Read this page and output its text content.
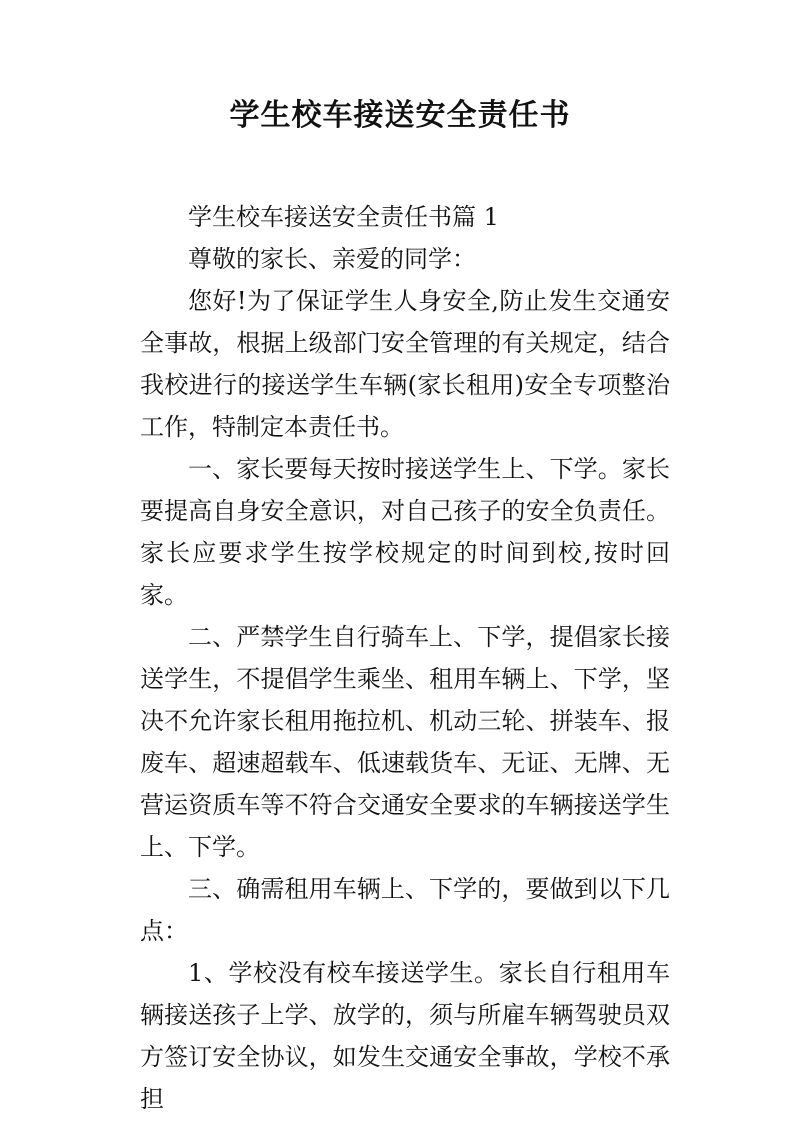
学生校车接送安全责任书

学生校车接送安全责任书篇 1

尊敬的家长、亲爱的同学：

您好!为了保证学生人身安全,防止发生交通安全事故，根据上级部门安全管理的有关规定，结合我校进行的接送学生车辆(家长租用)安全专项整治工作，特制定本责任书。

一、家长要每天按时接送学生上、下学。家长要提高自身安全意识，对自己孩子的安全负责任。家长应要求学生按学校规定的时间到校,按时回家。

二、严禁学生自行骑车上、下学，提倡家长接送学生，不提倡学生乘坐、租用车辆上、下学，坚决不允许家长租用拖拉机、机动三轮、拼装车、报废车、超速超载车、低速载货车、无证、无牌、无营运资质车等不符合交通安全要求的车辆接送学生上、下学。

三、确需租用车辆上、下学的，要做到以下几点：

1、学校没有校车接送学生。家长自行租用车辆接送孩子上学、放学的，须与所雇车辆驾驶员双方签订安全协议，如发生交通安全事故，学校不承担
